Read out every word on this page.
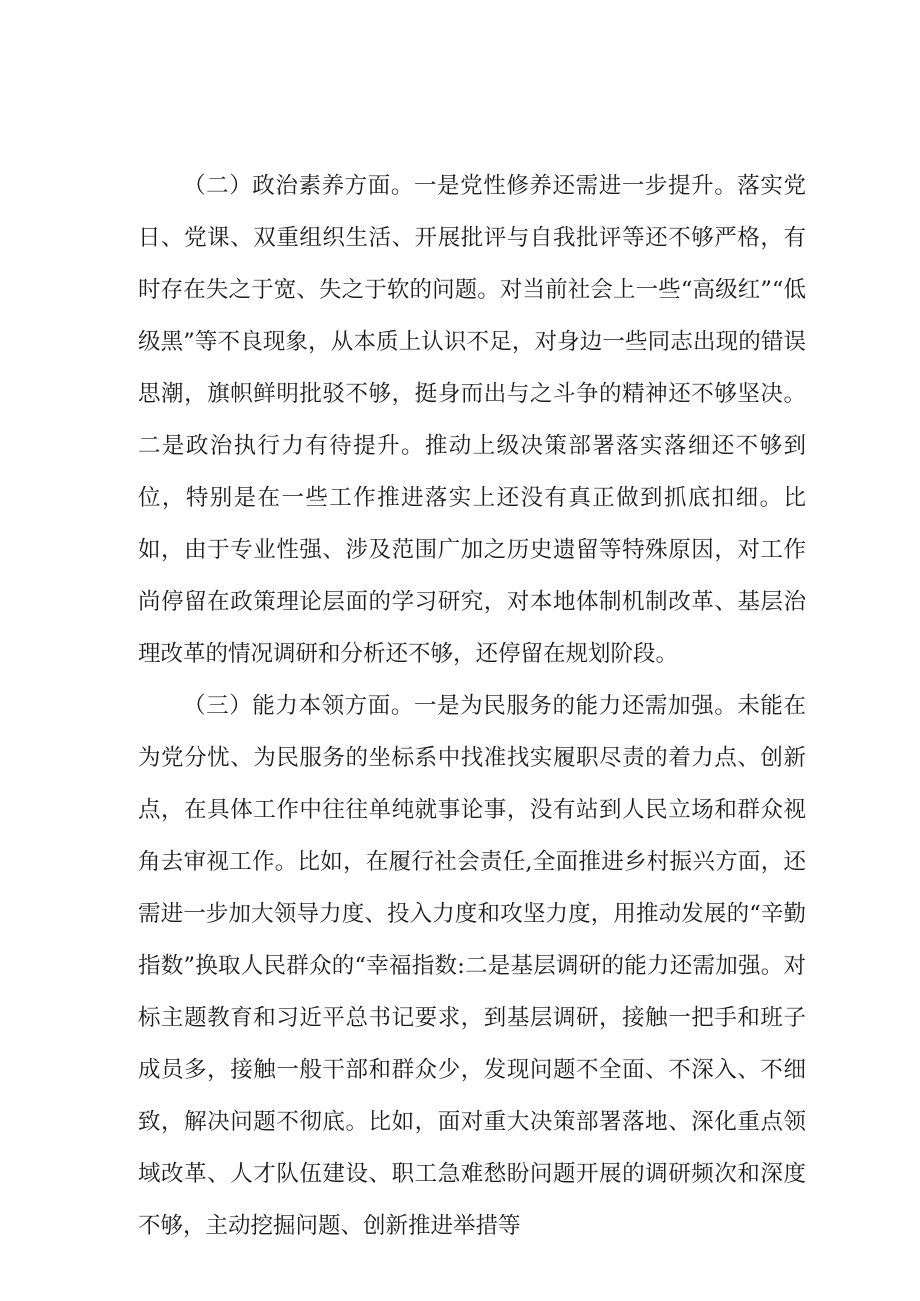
（二）政治素养方面。一是党性修养还需进一步提升。落实党日、党课、双重组织生活、开展批评与自我批评等还不够严格，有时存在失之于宽、失之于软的问题。对当前社会上一些“高级红”“低级黑”等不良现象，从本质上认识不足，对身边一些同志出现的错误思潮，旗帜鲜明批驳不够，挺身而出与之斗争的精神还不够坚决。二是政治执行力有待提升。推动上级决策部署落实落细还不够到位，特别是在一些工作推进落实上还没有真正做到抓底扣细。比如，由于专业性强、涉及范围广加之历史遗留等特殊原因，对工作尚停留在政策理论层面的学习研究，对本地体制机制改革、基层治理改革的情况调研和分析还不够，还停留在规划阶段。

（三）能力本领方面。一是为民服务的能力还需加强。未能在为党分忧、为民服务的坐标系中找准找实履职尽责的着力点、创新点，在具体工作中往往单纯就事论事，没有站到人民立场和群众视角去审视工作。比如，在履行社会责任,全面推进乡村振兴方面，还需进一步加大领导力度、投入力度和攻坚力度，用推动发展的“辛勤指数”换取人民群众的“幸福指数:二是基层调研的能力还需加强。对标主题教育和习近平总书记要求，到基层调研，接触一把手和班子成员多，接触一般干部和群众少，发现问题不全面、不深入、不细致，解决问题不彻底。比如，面对重大决策部署落地、深化重点领域改革、人才队伍建设、职工急难愁盼问题开展的调研频次和深度不够，主动挖掘问题、创新推进举措等
